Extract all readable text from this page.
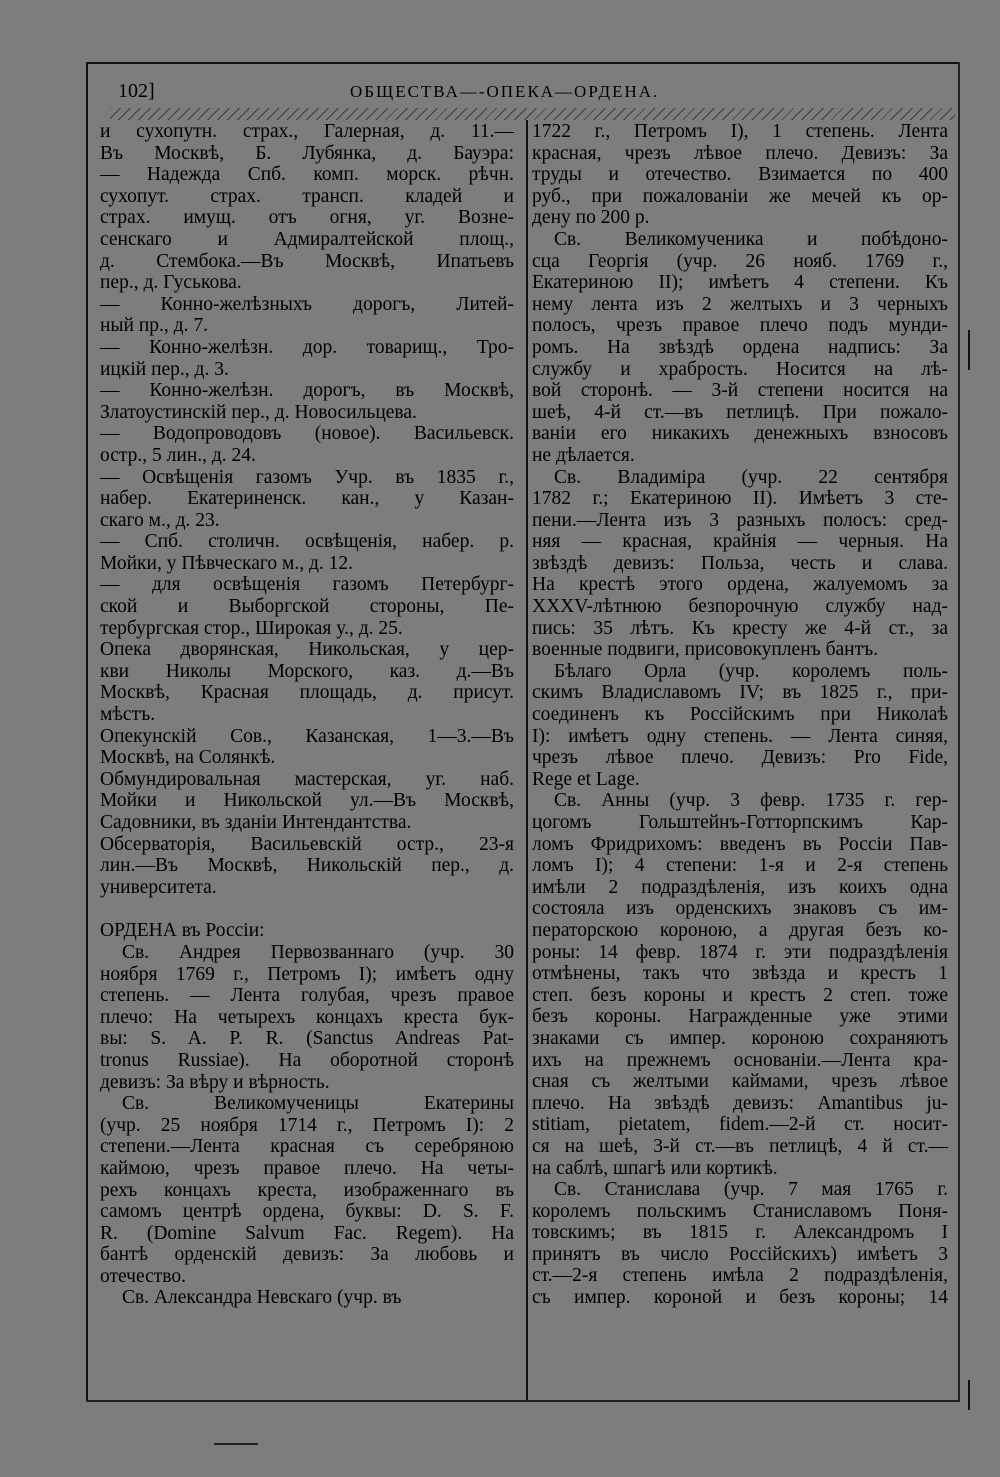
102]	ОБЩЕСТВА—-ОПЕКА—ОРДЕНА.
и сухопутн. страх., Галерная, д. 11.—
Въ Москвѣ, Б. Лубянка, д. Бауэра:
— Надежда Спб. комп. морск. рѣчн.
сухопут. страх. трансп. кладей и
страх. имущ. отъ огня, уг. Возне-
сенскаго и Адмиралтейской площ.,
д. Стембока.—Въ Москвѣ, Ипатьевъ
пер., д. Гуськова.
— Конно-желѣзныхъ дорогъ, Литей-
ный пр., д. 7.
— Конно-желѣзн. дор. товарищ., Тро-
ицкій пер., д. 3.
— Конно-желѣзн. дорогъ, въ Москвѣ,
Златоустинскій пер., д. Новосильцева.
— Водопроводовъ (новое). Васильевск.
остр., 5 лин., д. 24.
— Освѣщенія газомъ Учр. въ 1835 г.,
набер. Екатериненск. кан., у Казан-
скаго м., д. 23.
— Спб. столичн. освѣщенія, набер. р.
Мойки, у Пѣвческаго м., д. 12.
— для освѣщенія газомъ Петербург-
ской и Выборгской стороны, Пе-
тербургская стор., Широкая у., д. 25.
Опека дворянская, Никольская, у цер-
кви Николы Морского, каз. д.—Въ
Москвѣ, Красная площадь, д. присут.
мѣстъ.
Опекунскій Сов., Казанская, 1—3.—Въ
Москвѣ, на Солянкѣ.
Обмундировальная мастерская, уг. наб.
Мойки и Никольской ул.—Въ Москвѣ,
Садовники, въ зданіи Интендантства.
Обсерваторія, Васильевскій остр., 23-я
лин.—Въ Москвѣ, Никольскій пер., д.
университета.
ОРДЕНА въ Россіи:
Св. Андрея Первозваннаго (учр. 30
ноября 1769 г., Петромъ I); имѣетъ одну
степень. — Лента голубая, чрезъ правое
плечо: На четырехъ концахъ креста бук-
вы: S. A. P. R. (Sanctus Andreas Pat-
tronus Russiae). На оборотной сторонѣ
девизъ: За вѣру и вѣрность.
Св. Великомученицы Екатерины
(учр. 25 ноября 1714 г., Петромъ I): 2
степени.—Лента красная съ серебряною
каймою, чрезъ правое плечо. На четы-
рехъ концахъ креста, изображеннаго въ
самомъ центрѣ ордена, буквы: D. S. F.
R. (Domine Salvum Fac. Regem). На
бантѣ орденскій девизъ: За любовь и
отечество.
Св. Александра Невскаго (учр. въ
1722 г., Петромъ I), 1 степень. Лента
красная, чрезъ лѣвое плечо. Девизъ: За
труды и отечество. Взимается по 400
руб., при пожалованіи же мечей къ ор-
дену по 200 р.
Св. Великомученика и побѣдоно-
сца Георгія (учр. 26 нояб. 1769 г.,
Екатериною II); имѣетъ 4 степени. Къ
нему лента изъ 2 желтыхъ и 3 черныхъ
полосъ, чрезъ правое плечо подъ мунди-
ромъ. На звѣздѣ ордена надпись: За
службу и храбрость. Носится на лѣ-
вой сторонѣ. — 3-й степени носится на
шеѣ, 4-й ст.—въ петлицѣ. При пожало-
ваніи его никакихъ денежныхъ взносовъ
не дѣлается.
Св. Владиміра (учр. 22 сентября
1782 г.; Екатериною II). Имѣетъ 3 сте-
пени.—Лента изъ 3 разныхъ полосъ: сред-
няя — красная, крайнія — черныя. На
звѣздѣ девизъ: Польза, честь и слава.
На крестѣ этого ордена, жалуемомъ за
XXXV-лѣтнюю безпорочную службу над-
пись: 35 лѣтъ. Къ кресту же 4-й ст., за
военные подвиги, присовокупленъ бантъ.
Бѣлаго Орла (учр. королемъ поль-
скимъ Владиславомъ IV; въ 1825 г., при-
соединенъ къ Россійскимъ при Николаѣ
I): имѣетъ одну степень. — Лента синяя,
чрезъ лѣвое плечо. Девизъ: Pro Fide,
Rege et Lage.
Св. Анны (учр. 3 февр. 1735 г. гер-
цогомъ Гольштейнъ-Готторпскимъ Кар-
ломъ Фридрихомъ: введенъ въ Россіи Пав-
ломъ I); 4 степени: 1-я и 2-я степень
имѣли 2 подраздѣленія, изъ коихъ одна
состояла изъ орденскихъ знаковъ съ им-
ператорскою короною, а другая безъ ко-
роны: 14 февр. 1874 г. эти подраздѣленія
отмѣнены, такъ что звѣзда и крестъ 1
степ. безъ короны и крестъ 2 степ. тоже
безъ короны. Награжденные уже этими
знаками съ импер. короною сохраняютъ
ихъ на прежнемъ основаніи.—Лента кра-
сная съ желтыми каймами, чрезъ лѣвое
плечо. На звѣздѣ девизъ: Amantibus ju-
stitiam, pietatem, fidem.—2-й ст. носит-
ся на шеѣ, 3-й ст.—въ петлицѣ, 4 й ст.—
на саблѣ, шпагѣ или кортикѣ.
Св. Станислава (учр. 7 мая 1765 г.
королемъ польскимъ Станиславомъ Поня-
товскимъ; въ 1815 г. Александромъ I
принятъ въ число Россійскихъ) имѣетъ 3
ст.—2-я степень имѣла 2 подраздѣленія,
съ импер. короной и безъ короны; 14
